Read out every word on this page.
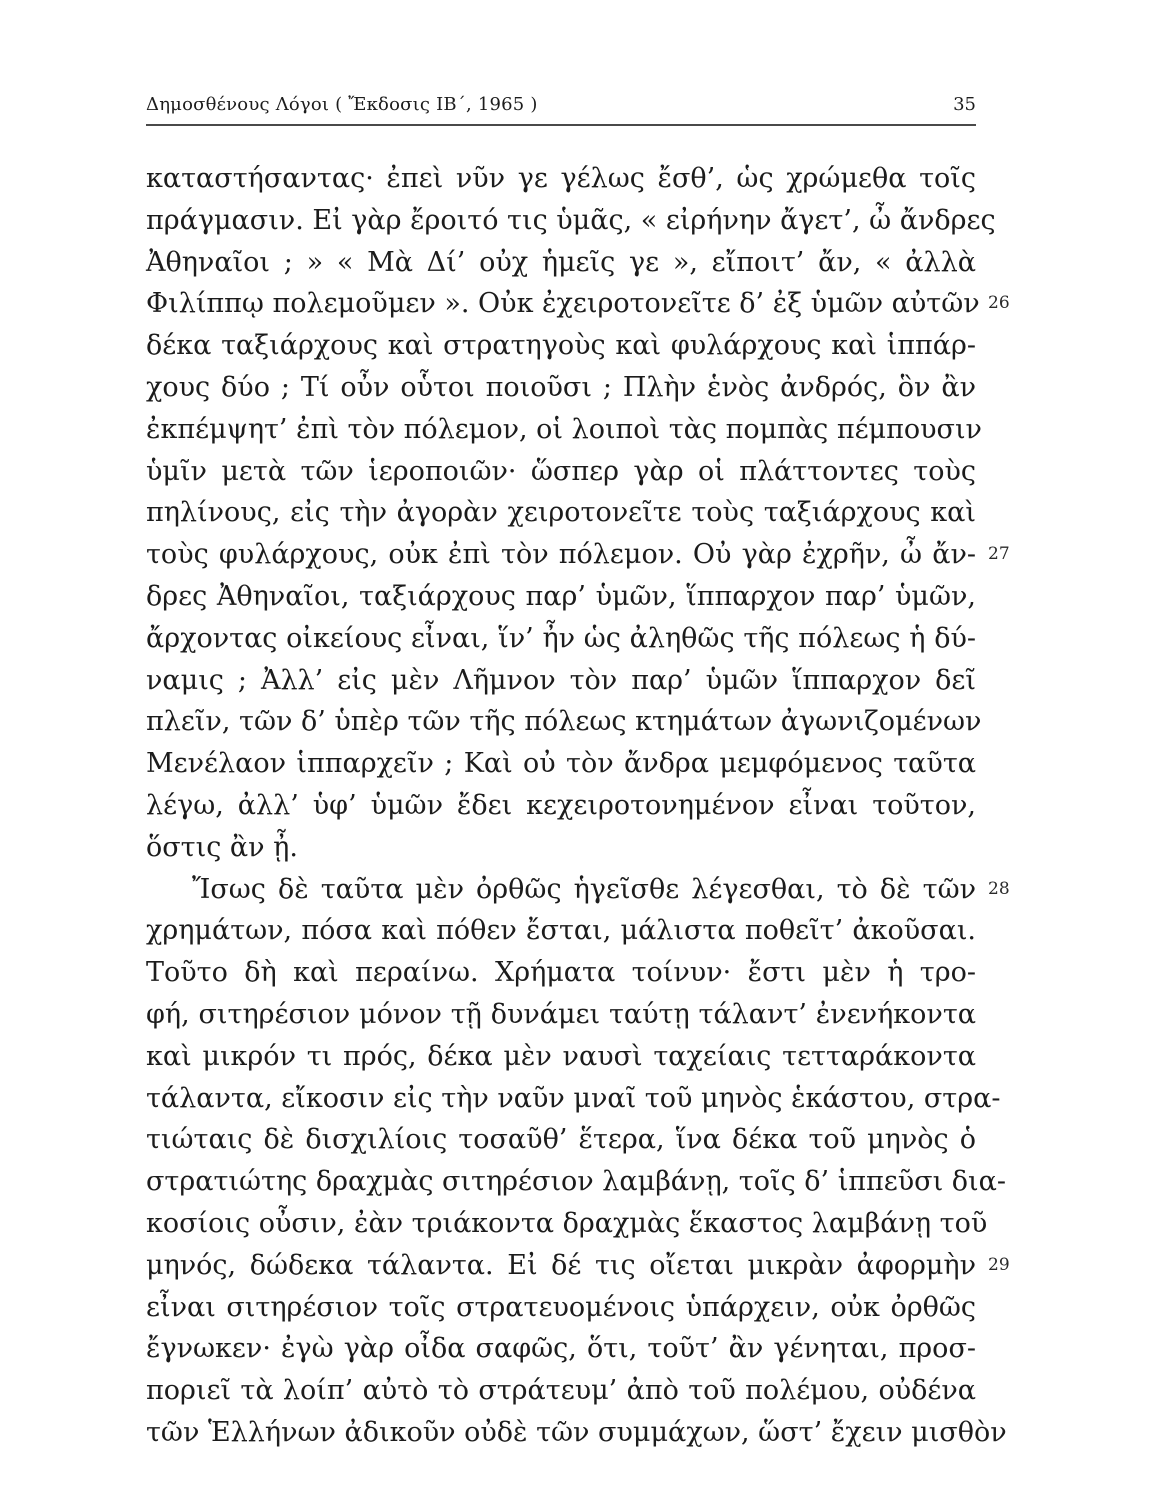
Δημοσθένους Λόγοι ( Ἔκδοσις ΙΒ΄, 1965 )	35
καταστήσαντας· ἐπεὶ νῦν γε γέλως ἔσθ’, ὡς χρώμεθα τοῖς
πράγμασιν. Εἰ γὰρ ἔροιτό τις ὑμᾶς, « εἰρήνην ἄγετ’, ὦ ἄνδρες
Ἀθηναῖοι ; » « Μὰ Δί’ οὐχ ἡμεῖς γε », εἴποιτ’ ἄν, « ἀλλὰ
Φιλίππῳ πολεμοῦμεν ». Οὐκ ἐχειροτονεῖτε δ’ ἐξ ὑμῶν αὐτῶν 26
δέκα ταξιάρχους καὶ στρατηγοὺς καὶ φυλάρχους καὶ ἱππάρ-
χους δύο ; Τί οὖν οὗτοι ποιοῦσι ; Πλὴν ἑνὸς ἀνδρός, ὃν ἂν
ἐκπέμψητ’ ἐπὶ τὸν πόλεμον, οἱ λοιποὶ τὰς πομπὰς πέμπουσιν
ὑμῖν μετὰ τῶν ἱεροποιῶν· ὥσπερ γὰρ οἱ πλάττοντες τοὺς
πηλίνους, εἰς τὴν ἀγορὰν χειροτονεῖτε τοὺς ταξιάρχους καὶ
τοὺς φυλάρχους, οὐκ ἐπὶ τὸν πόλεμον. Οὐ γὰρ ἐχρῆν, ὦ ἄν- 27
δρες Ἀθηναῖοι, ταξιάρχους παρ’ ὑμῶν, ἵππαρχον παρ’ ὑμῶν,
ἄρχοντας οἰκείους εἶναι, ἵν’ ἦν ὡς ἀληθῶς τῆς πόλεως ἡ δύ-
ναμις ; Ἀλλ’ εἰς μὲν Λῆμνον τὸν παρ’ ὑμῶν ἵππαρχον δεῖ
πλεῖν, τῶν δ’ ὑπὲρ τῶν τῆς πόλεως κτημάτων ἀγωνιζομένων
Μενέλαον ἱππαρχεῖν ; Καὶ οὐ τὸν ἄνδρα μεμφόμενος ταῦτα
λέγω, ἀλλ’ ὑφ’ ὑμῶν ἔδει κεχειροτονημένον εἶναι τοῦτον,
ὅστις ἂν ᾖ.
Ἴσως δὲ ταῦτα μὲν ὀρθῶς ἡγεῖσθε λέγεσθαι, τὸ δὲ τῶν 28
χρημάτων, πόσα καὶ πόθεν ἔσται, μάλιστα ποθεῖτ’ ἀκοῦσαι.
Τοῦτο δὴ καὶ περαίνω. Χρήματα τοίνυν· ἔστι μὲν ἡ τρο-
φή, σιτηρέσιον μόνον τῇ δυνάμει ταύτῃ τάλαντ’ ἐνενήκοντα
καὶ μικρόν τι πρός, δέκα μὲν ναυσὶ ταχείαις τετταράκοντα
τάλαντα, εἴκοσιν εἰς τὴν ναῦν μναῖ τοῦ μηνὸς ἑκάστου, στρα-
τιώταις δὲ δισχιλίοις τοσαῦθ’ ἕτερα, ἵνα δέκα τοῦ μηνὸς ὁ
στρατιώτης δραχμὰς σιτηρέσιον λαμβάνῃ, τοῖς δ’ ἱππεῦσι δια-
κοσίοις οὖσιν, ἐὰν τριάκοντα δραχμὰς ἕκαστος λαμβάνῃ τοῦ
μηνός, δώδεκα τάλαντα. Εἰ δέ τις οἴεται μικρὰν ἀφορμὴν 29
εἶναι σιτηρέσιον τοῖς στρατευομένοις ὑπάρχειν, οὐκ ὀρθῶς
ἔγνωκεν· ἐγὼ γὰρ οἶδα σαφῶς, ὅτι, τοῦτ’ ἂν γένηται, προσ-
ποριεῖ τὰ λοίπ’ αὐτὸ τὸ στράτευμ’ ἀπὸ τοῦ πολέμου, οὐδένα
τῶν Ἑλλήνων ἀδικοῦν οὐδὲ τῶν συμμάχων, ὥστ’ ἔχειν μισθὸν
